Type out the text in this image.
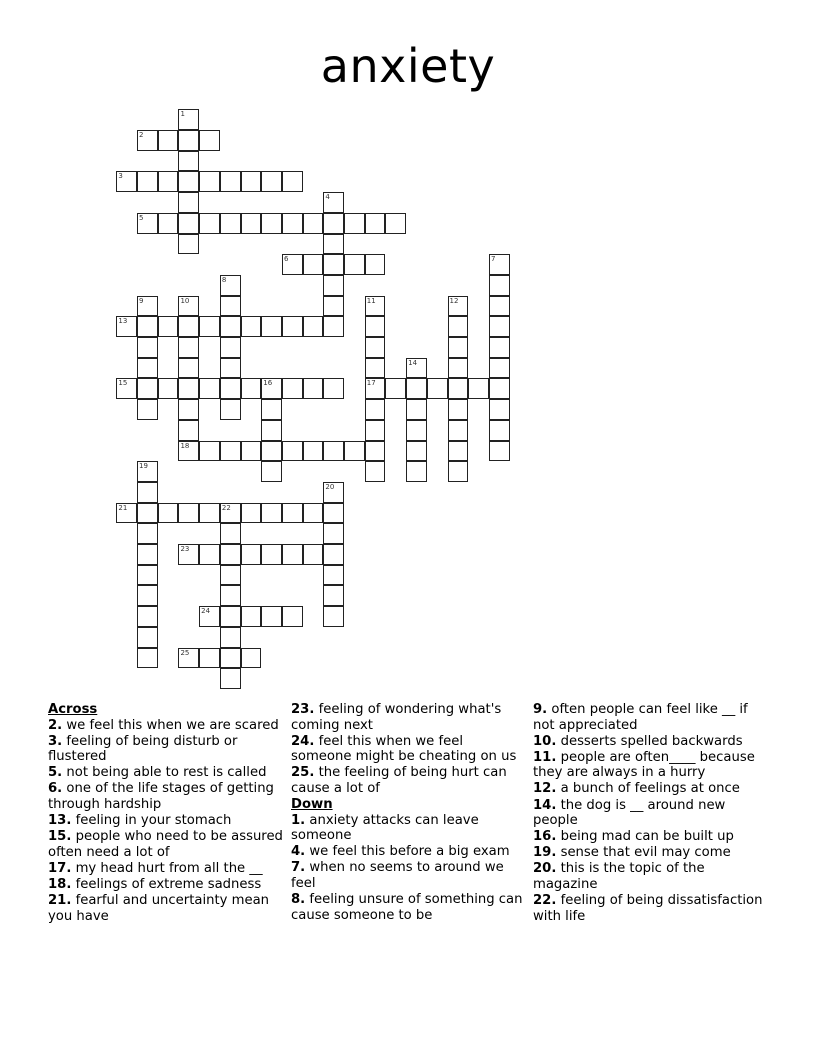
anxiety
1
2
3
4
5
6	7
8
9	10
18
11
17
12
13
14
15	16
19
20
21	22
23
24
25
Across
2. we feel this when we are scared
3. feeling of being disturb or flustered
5. not being able to rest is called
6. one of the life stages of getting through hardship
13. feeling in your stomach
15. people who need to be assured often need a lot of
17. my head hurt from all the __
18. feelings of extreme sadness
21. fearful and uncertainty mean you have
23. feeling of wondering what's coming next
24. feel this when we feel someone might be cheating on us
25. the feeling of being hurt can cause a lot of
Down
1. anxiety attacks can leave someone
4. we feel this before a big exam
7. when no seems to around we feel
8. feeling unsure of something can cause someone to be
9. often people can feel like __ if not appreciated
10. desserts spelled backwards
11. people are often____ because they are always in a hurry
12. a bunch of feelings at once
14. the dog is __ around new people
16. being mad can be built up
19. sense that evil may come
20. this is the topic of the magazine
22. feeling of being dissatisfaction with life
